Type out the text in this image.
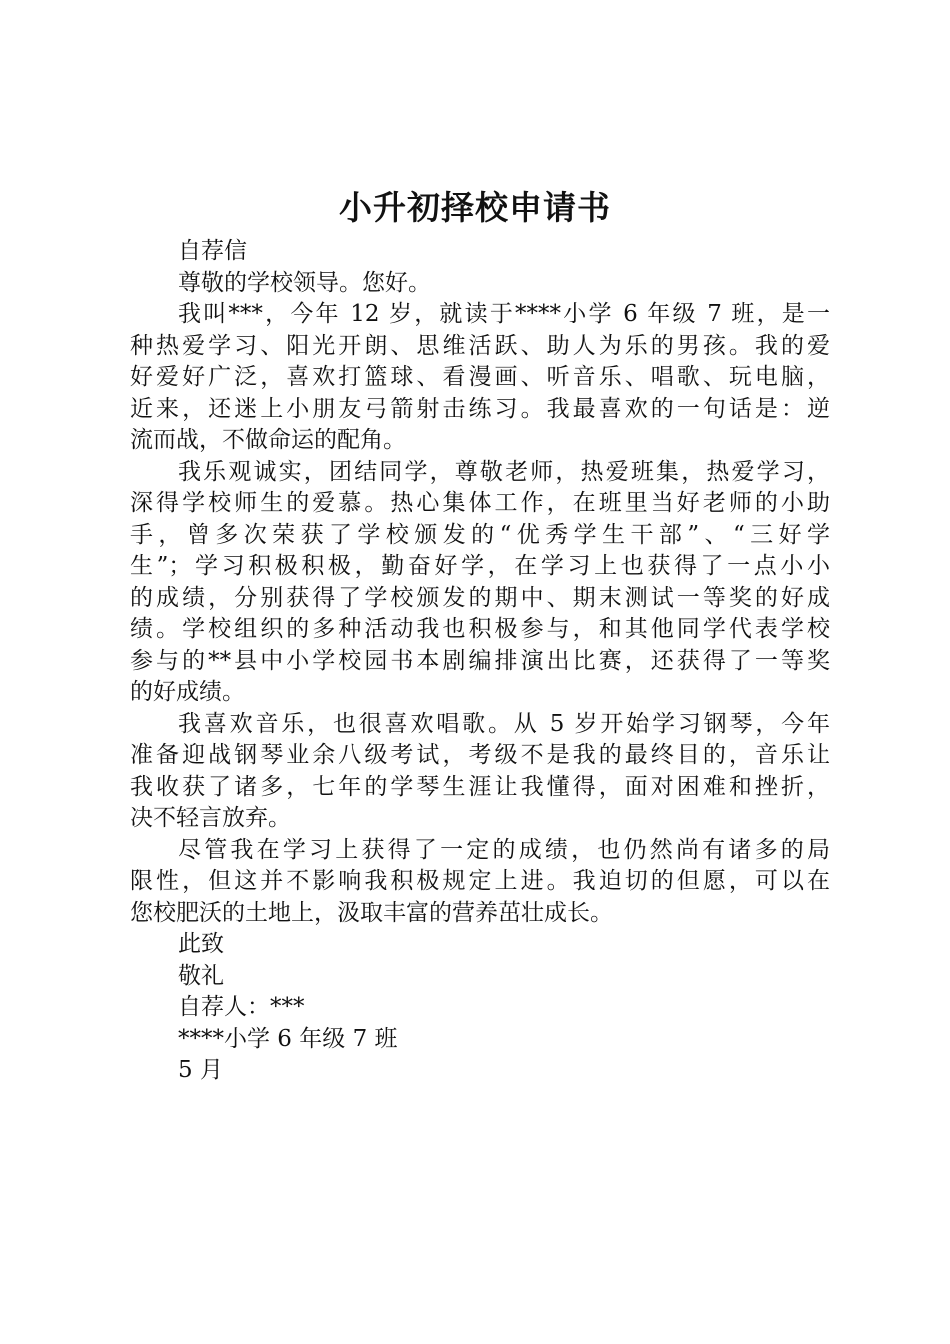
小升初择校申请书
自荐信
尊敬的学校领导。您好。
我叫***，今年 12 岁，就读于****小学 6 年级 7 班，是一
种热爱学习、阳光开朗、思维活跃、助人为乐的男孩。我的爱
好爱好广泛，喜欢打篮球、看漫画、听音乐、唱歌、玩电脑，
近来，还迷上小朋友弓箭射击练习。我最喜欢的一句话是：逆
流而战，不做命运的配角。
我乐观诚实，团结同学，尊敬老师，热爱班集，热爱学习，
深得学校师生的爱慕。热心集体工作，在班里当好老师的小助
手，曾多次荣获了学校颁发的“优秀学生干部”、“三好学
生”；学习积极积极，勤奋好学，在学习上也获得了一点小小
的成绩，分别获得了学校颁发的期中、期末测试一等奖的好成
绩。学校组织的多种活动我也积极参与，和其他同学代表学校
参与的**县中小学校园书本剧编排演出比赛，还获得了一等奖
的好成绩。
我喜欢音乐，也很喜欢唱歌。从 5 岁开始学习钢琴，今年
准备迎战钢琴业余八级考试，考级不是我的最终目的，音乐让
我收获了诸多，七年的学琴生涯让我懂得，面对困难和挫折，
决不轻言放弃。
尽管我在学习上获得了一定的成绩，也仍然尚有诸多的局
限性，但这并不影响我积极规定上进。我迫切的但愿，可以在
您校肥沃的土地上，汲取丰富的营养茁壮成长。
此致
敬礼
自荐人：***
****小学 6 年级 7 班
5 月
